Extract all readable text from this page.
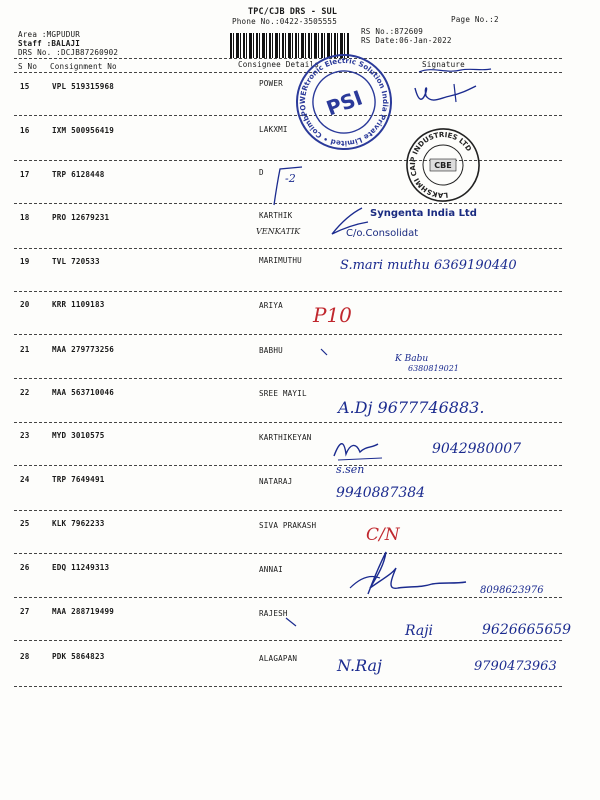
TPC/CJB DRS - SUL
Phone No.:0422-3505555	Page No.:2
Area :MGPUDUR
Staff :BALAJI
DRS No. :DCJB87260902
RS No.:872609
RS Date:06-Jan-2022
S No Consignment No	Consignee Details	Signature
15	VPL 519315968	POWER
16	IXM 500956419	LAKXMI
17	TRP 6128448	D
18	PRO 12679231	KARTHIK
19	TVL 720533	MARIMUTHU
20	KRR 1109183	ARIYA
21	MAA 279773256	BABHU
22	MAA 563710046	SREE MAYIL
23	MYD 3010575	KARTHIKEYAN
24	TRP 7649491	NATARAJ
25	KLK 7962233	SIVA PRAKASH
26	EDQ 11249313	ANNAI
27	MAA 288719499	RAJESH
28	PDK 5864823	ALAGAPAN
POWERtronic Electric Solution India Private Limited • Coimbatore
PSI
LAKSHMI CAIP INDUSTRIES LTD
CBE
-2
VENKATIK
Syngenta India Ltd
C/o.Consolidat
S.mari muthu 6369190440
P10
K Babu
6380819021
A.Dj 9677746883.
9042980007
s.sen
9940887384
C/N
8098623976
Raji	9626665659
N.Raj	9790473963
